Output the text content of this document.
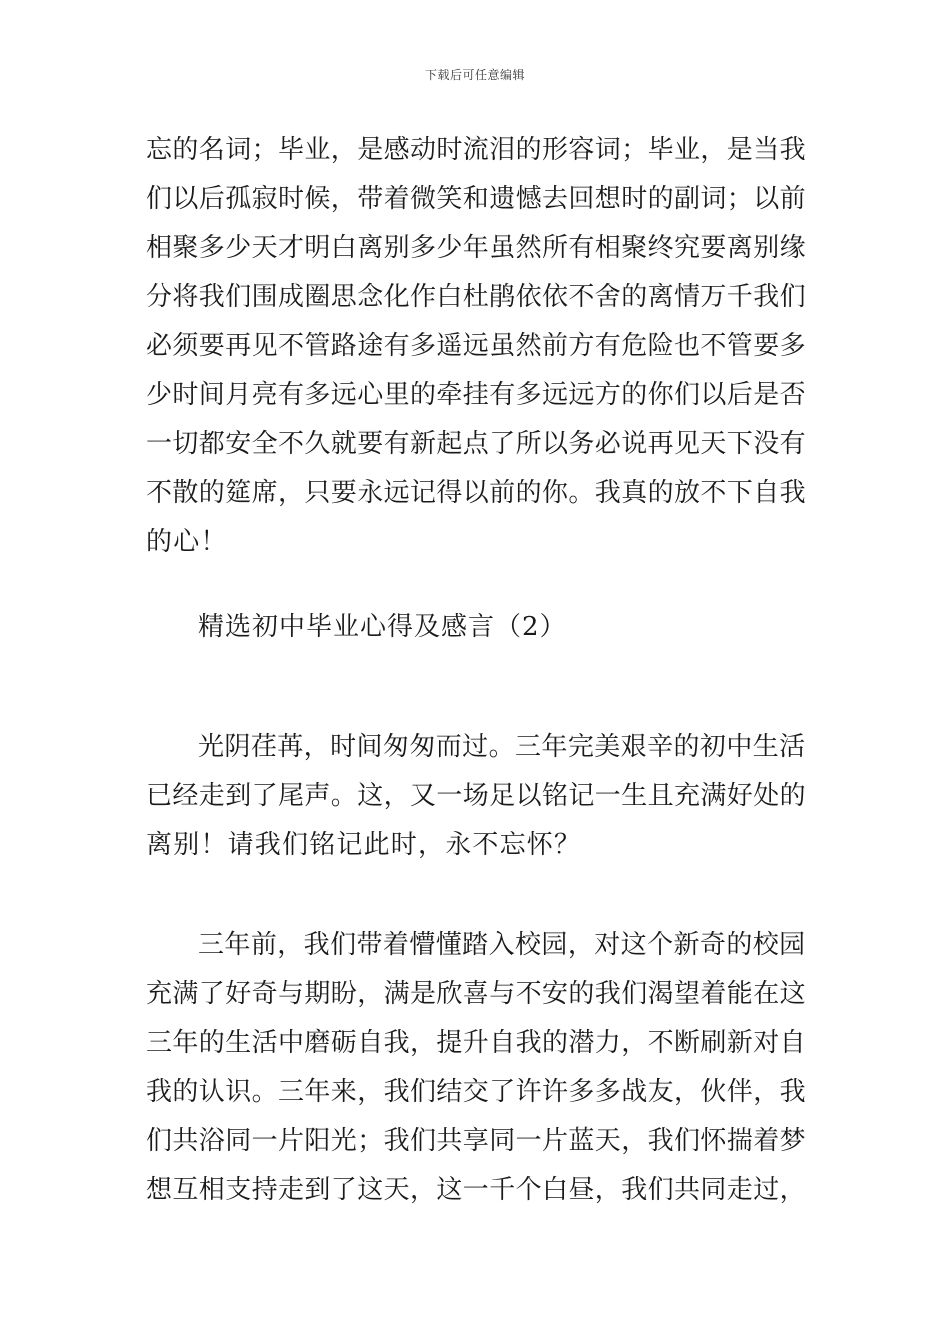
下载后可任意编辑
忘的名词；毕业，是感动时流泪的形容词；毕业，是当我
们以后孤寂时候，带着微笑和遗憾去回想时的副词；以前
相聚多少天才明白离别多少年虽然所有相聚终究要离别缘
分将我们围成圈思念化作白杜鹃依依不舍的离情万千我们
必须要再见不管路途有多遥远虽然前方有危险也不管要多
少时间月亮有多远心里的牵挂有多远远方的你们以后是否
一切都安全不久就要有新起点了所以务必说再见天下没有
不散的筵席，只要永远记得以前的你。我真的放不下自我
的心！
精选初中毕业心得及感言（2）
光阴荏苒，时间匆匆而过。三年完美艰辛的初中生活
已经走到了尾声。这，又一场足以铭记一生且充满好处的
离别！请我们铭记此时，永不忘怀？
三年前，我们带着懵懂踏入校园，对这个新奇的校园
充满了好奇与期盼，满是欣喜与不安的我们渴望着能在这
三年的生活中磨砺自我，提升自我的潜力，不断刷新对自
我的认识。三年来，我们结交了许许多多战友，伙伴，我
们共浴同一片阳光；我们共享同一片蓝天，我们怀揣着梦
想互相支持走到了这天，这一千个白昼，我们共同走过，
